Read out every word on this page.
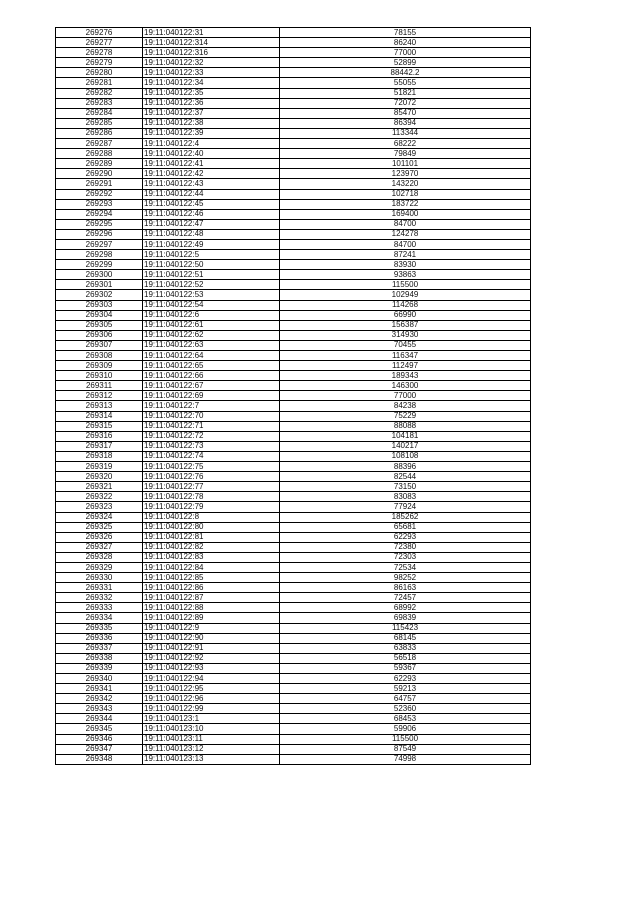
269276	19:11:040122:31	78155
269277	19:11:040122:314	86240
269278	19:11:040122:316	77000
269279	19:11:040122:32	52899
269280	19:11:040122:33	88442.2
269281	19:11:040122:34	55055
269282	19:11:040122:35	51821
269283	19:11:040122:36	72072
269284	19:11:040122:37	85470
269285	19:11:040122:38	86394
269286	19:11:040122:39	113344
269287	19:11:040122:4	68222
269288	19:11:040122:40	79849
269289	19:11:040122:41	101101
269290	19:11:040122:42	123970
269291	19:11:040122:43	143220
269292	19:11:040122:44	102718
269293	19:11:040122:45	183722
269294	19:11:040122:46	169400
269295	19:11:040122:47	84700
269296	19:11:040122:48	124278
269297	19:11:040122:49	84700
269298	19:11:040122:5	87241
269299	19:11:040122:50	83930
269300	19:11:040122:51	93863
269301	19:11:040122:52	115500
269302	19:11:040122:53	102949
269303	19:11:040122:54	114268
269304	19:11:040122:6	66990
269305	19:11:040122:61	156387
269306	19:11:040122:62	314930
269307	19:11:040122:63	70455
269308	19:11:040122:64	116347
269309	19:11:040122:65	112497
269310	19:11:040122:66	189343
269311	19:11:040122:67	146300
269312	19:11:040122:69	77000
269313	19:11:040122:7	84238
269314	19:11:040122:70	75229
269315	19:11:040122:71	88088
269316	19:11:040122:72	104181
269317	19:11:040122:73	140217
269318	19:11:040122:74	108108
269319	19:11:040122:75	88396
269320	19:11:040122:76	82544
269321	19:11:040122:77	73150
269322	19:11:040122:78	83083
269323	19:11:040122:79	77924
269324	19:11:040122:8	185262
269325	19:11:040122:80	65681
269326	19:11:040122:81	62293
269327	19:11:040122:82	72380
269328	19:11:040122:83	72303
269329	19:11:040122:84	72534
269330	19:11:040122:85	98252
269331	19:11:040122:86	86163
269332	19:11:040122:87	72457
269333	19:11:040122:88	68992
269334	19:11:040122:89	69839
269335	19:11:040122:9	115423
269336	19:11:040122:90	68145
269337	19:11:040122:91	63833
269338	19:11:040122:92	56518
269339	19:11:040122:93	59367
269340	19:11:040122:94	62293
269341	19:11:040122:95	59213
269342	19:11:040122:96	64757
269343	19:11:040122:99	52360
269344	19:11:040123:1	68453
269345	19:11:040123:10	59906
269346	19:11:040123:11	115500
269347	19:11:040123:12	87549
269348	19:11:040123:13	74998
